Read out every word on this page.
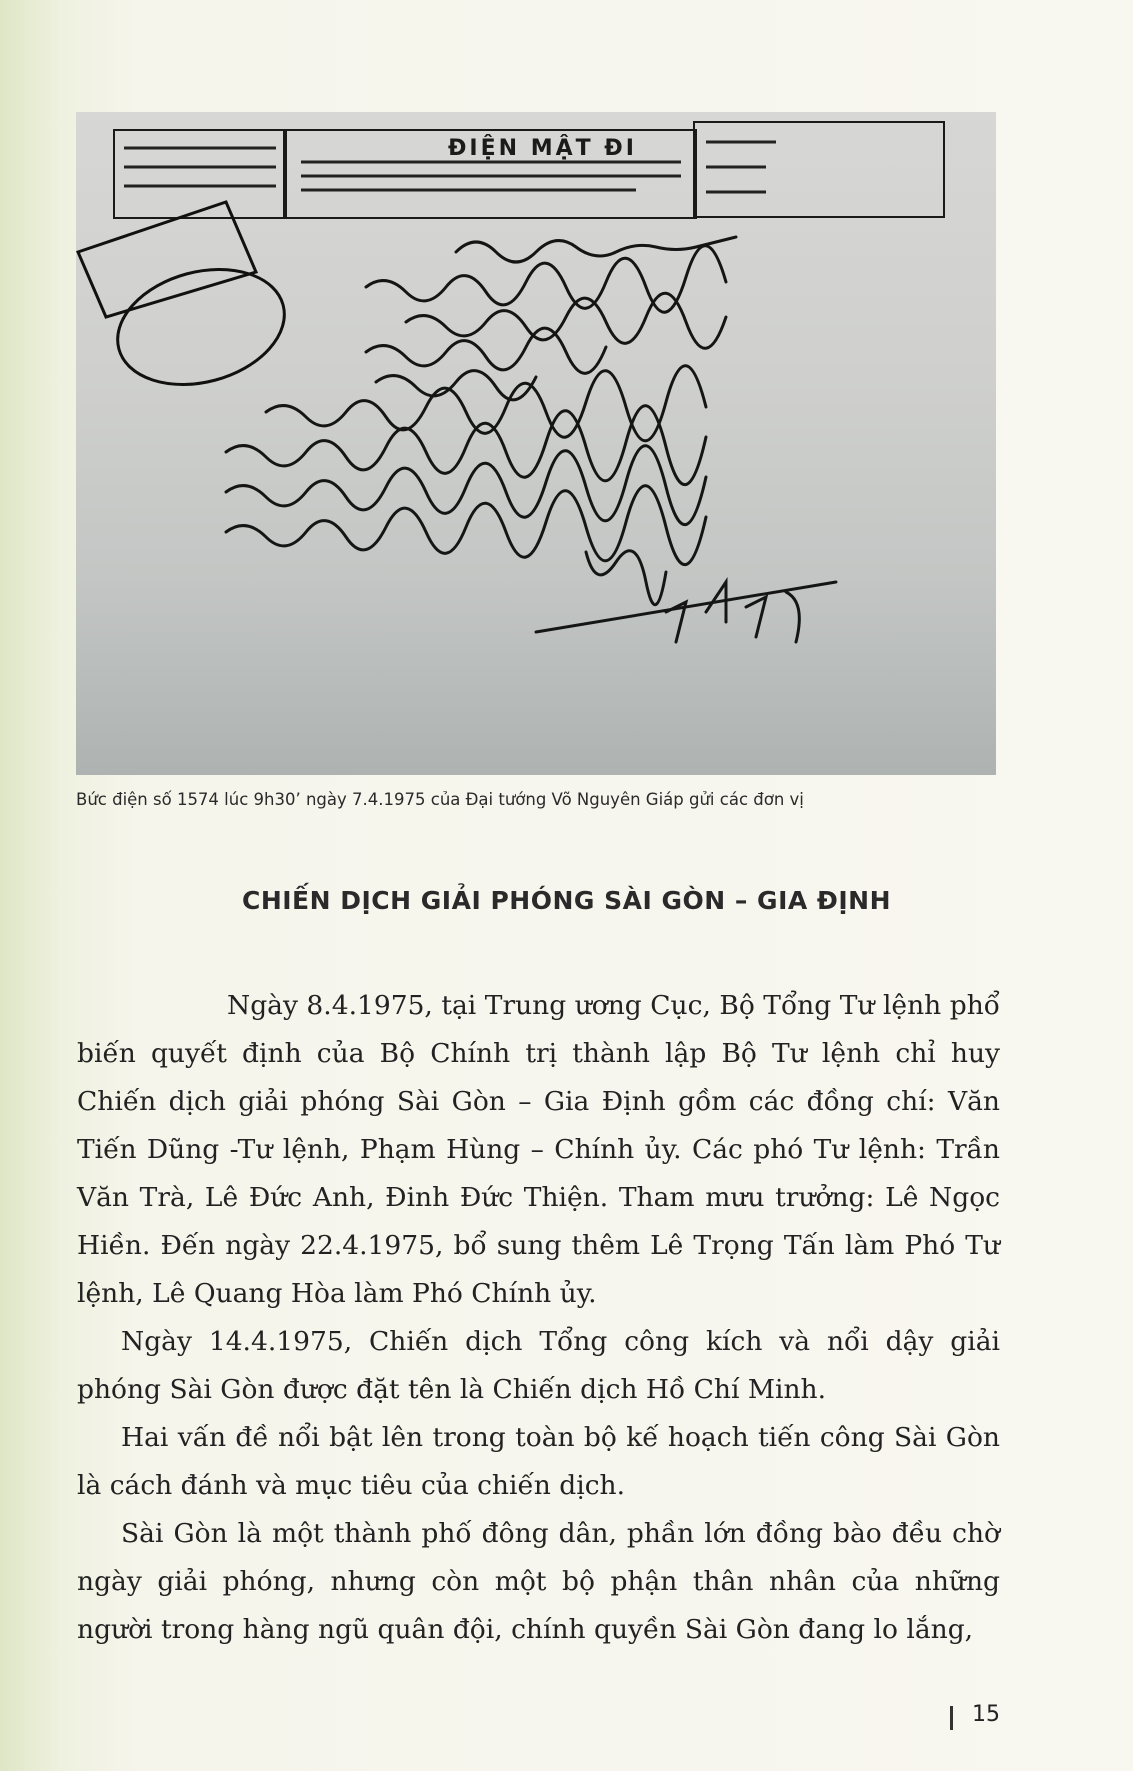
ĐIỆN MẬT ĐI
Bức điện số 1574 lúc 9h30’ ngày 7.4.1975 của Đại tướng Võ Nguyên Giáp gửi các đơn vị
CHIẾN DỊCH GIẢI PHÓNG SÀI GÒN – GIA ĐỊNH

Ngày 8.4.1975, tại Trung ương Cục, Bộ Tổng Tư lệnh phổ biến quyết định của Bộ Chính trị thành lập Bộ Tư lệnh chỉ huy Chiến dịch giải phóng Sài Gòn – Gia Định gồm các đồng chí: Văn Tiến Dũng -Tư lệnh, Phạm Hùng – Chính ủy. Các phó Tư lệnh: Trần Văn Trà, Lê Đức Anh, Đinh Đức Thiện. Tham mưu trưởng: Lê Ngọc Hiền. Đến ngày 22.4.1975, bổ sung thêm Lê Trọng Tấn làm Phó Tư lệnh, Lê Quang Hòa làm Phó Chính ủy.

Ngày 14.4.1975, Chiến dịch Tổng công kích và nổi dậy giải phóng Sài Gòn được đặt tên là Chiến dịch Hồ Chí Minh.

Hai vấn đề nổi bật lên trong toàn bộ kế hoạch tiến công Sài Gòn là cách đánh và mục tiêu của chiến dịch.

Sài Gòn là một thành phố đông dân, phần lớn đồng bào đều chờ ngày giải phóng, nhưng còn một bộ phận thân nhân của những người trong hàng ngũ quân đội, chính quyền Sài Gòn đang lo lắng,

15
